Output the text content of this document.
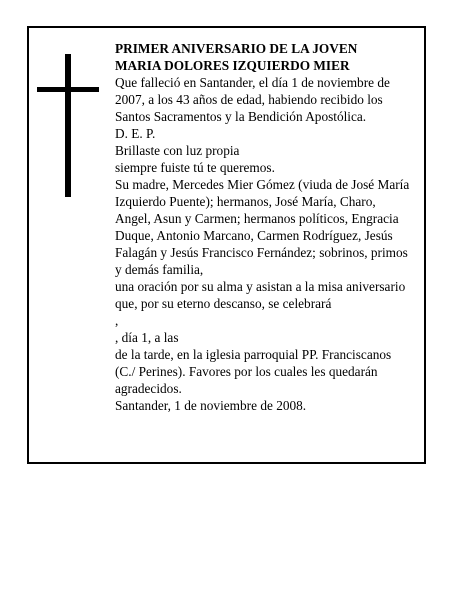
PRIMER ANIVERSARIO DE LA JOVEN
MARIA DOLORES IZQUIERDO MIER
Que falleció en Santander, el día 1 de noviembre de
2007, a los 43 años de edad, habiendo recibido los
Santos Sacramentos y la Bendición Apostólica.
D. E. P.
Brillaste con luz propia
siempre fuiste tú te queremos.
Su madre, Mercedes Mier Gómez (viuda de José María
Izquierdo Puente); hermanos, José María, Charo,
Angel, Asun y Carmen; hermanos políticos, Engracia
Duque, Antonio Marcano, Carmen Rodríguez, Jesús
Falagán y Jesús Francisco Fernández; sobrinos, primos
y demás familia,
una oración por su alma y asistan a la misa aniversario
que, por su eterno descanso, se celebrará
,
, día 1, a las
de la tarde, en la iglesia parroquial PP. Franciscanos
(C./ Perines). Favores por los cuales les quedarán
agradecidos.
Santander, 1 de noviembre de 2008.
